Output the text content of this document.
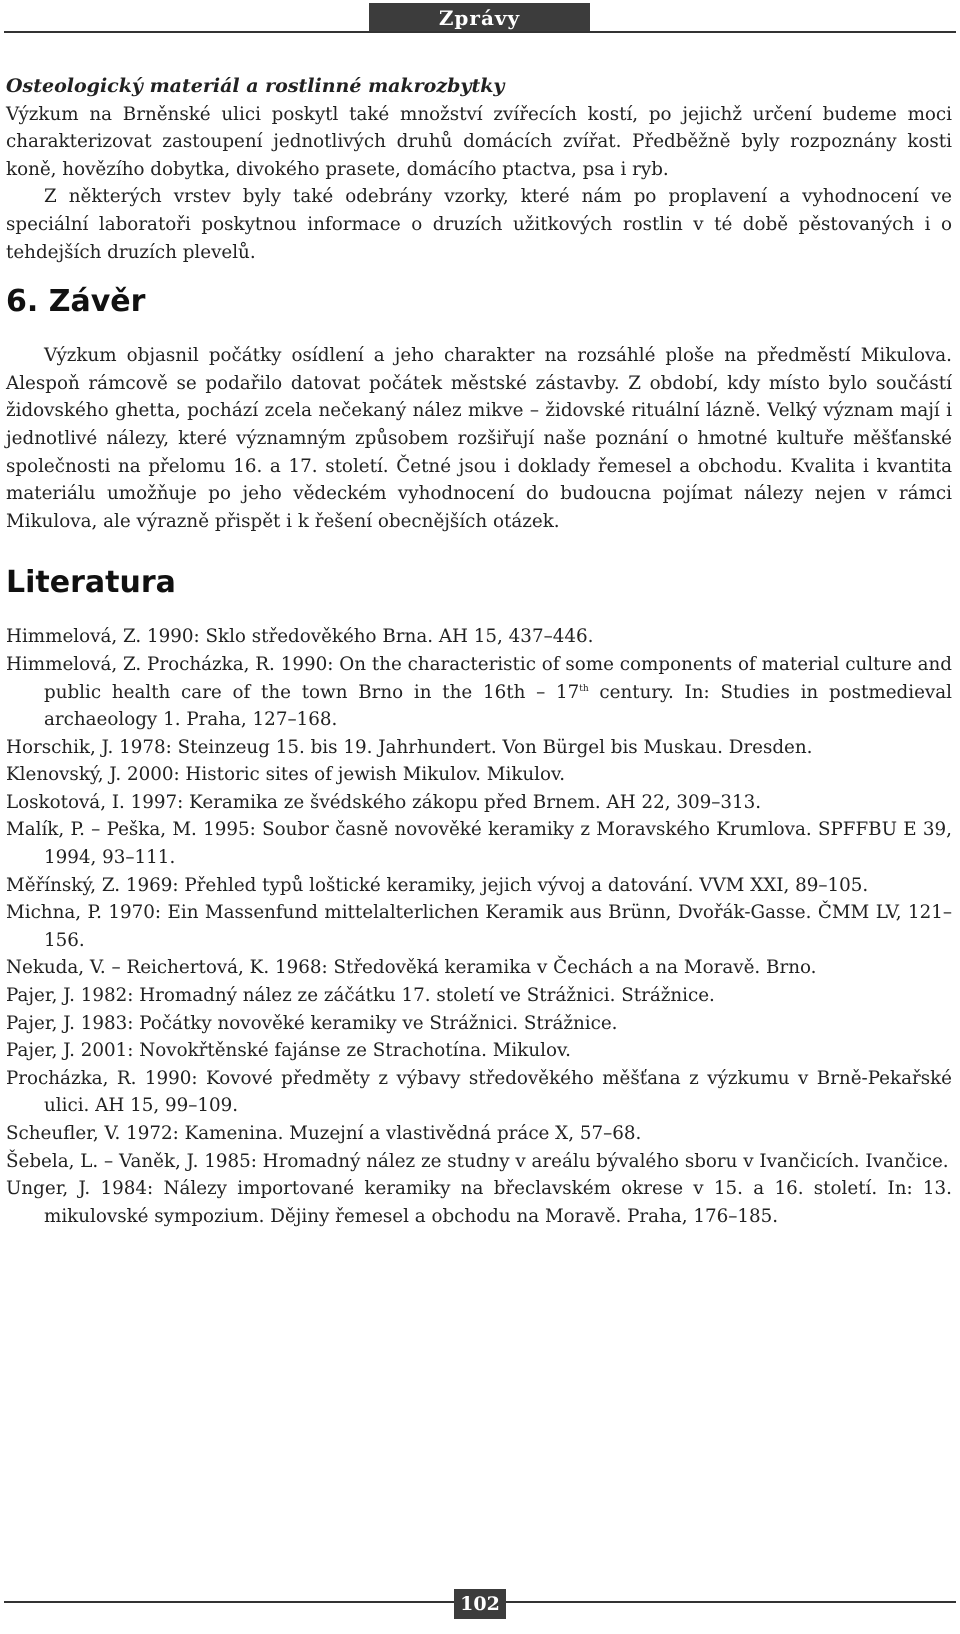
Zprávy

Osteologický materiál a rostlinné makrozbytky

Výzkum na Brněnské ulici poskytl také množství zvířecích kostí, po jejichž určení budeme moci charakterizovat zastoupení jednotlivých druhů domácích zvířat. Předběžně byly rozpoznány kosti koně, hovězího dobytka, divokého prasete, domácího ptactva, psa i ryb.

Z některých vrstev byly také odebrány vzorky, které nám po proplavení a vyhodnocení ve speciální laboratoři poskytnou informace o druzích užitkových rostlin v té době pěstovaných i o tehdejších druzích plevelů.

6. Závěr

Výzkum objasnil počátky osídlení a jeho charakter na rozsáhlé ploše na předměstí Mikulova. Alespoň rámcově se podařilo datovat počátek městské zástavby. Z období, kdy místo bylo součástí židovského ghetta, pochází zcela nečekaný nález mikve – židovské rituální lázně. Velký význam mají i jednotlivé nálezy, které významným způsobem rozšiřují naše poznání o hmotné kultuře měšťanské společnosti na přelomu 16. a 17. století. Četné jsou i doklady řemesel a obchodu. Kvalita i kvantita materiálu umožňuje po jeho vědeckém vyhodnocení do budoucna pojímat nálezy nejen v rámci Mikulova, ale výrazně přispět i k řešení obecnějších otázek.

Literatura

Himmelová, Z. 1990: Sklo středověkého Brna. AH 15, 437–446.

Himmelová, Z. Procházka, R. 1990: On the characteristic of some components of material culture and public health care of the town Brno in the 16th – 17th century. In: Studies in postmedieval archaeology 1. Praha, 127–168.

Horschik, J. 1978: Steinzeug 15. bis 19. Jahrhundert. Von Bürgel bis Muskau. Dresden.

Klenovský, J. 2000: Historic sites of jewish Mikulov. Mikulov.

Loskotová, I. 1997: Keramika ze švédského zákopu před Brnem. AH 22, 309–313.

Malík, P. – Peška, M. 1995: Soubor časně novověké keramiky z Moravského Krumlova. SPFFBU E 39, 1994, 93–111.

Měřínský, Z. 1969: Přehled typů loštické keramiky, jejich vývoj a datování. VVM XXI, 89–105.

Michna, P. 1970: Ein Massenfund mittelalterlichen Keramik aus Brünn, Dvořák-Gasse. ČMM LV, 121–156.

Nekuda, V. – Reichertová, K. 1968: Středověká keramika v Čechách a na Moravě. Brno.

Pajer, J. 1982: Hromadný nález ze záčátku 17. století ve Strážnici. Strážnice.

Pajer, J. 1983: Počátky novověké keramiky ve Strážnici. Strážnice.

Pajer, J. 2001: Novokřtěnské fajánse ze Strachotína. Mikulov.

Procházka, R. 1990: Kovové předměty z výbavy středověkého měšťana z výzkumu v Brně-Pekařské ulici. AH 15, 99–109.

Scheufler, V. 1972: Kamenina. Muzejní a vlastivědná práce X, 57–68.

Šebela, L. – Vaněk, J. 1985: Hromadný nález ze studny v areálu bývalého sboru v Ivančicích. Ivančice.

Unger, J. 1984: Nálezy importované keramiky na břeclavském okrese v 15. a 16. století. In: 13. mikulovské sympozium. Dějiny řemesel a obchodu na Moravě. Praha, 176–185.

102
